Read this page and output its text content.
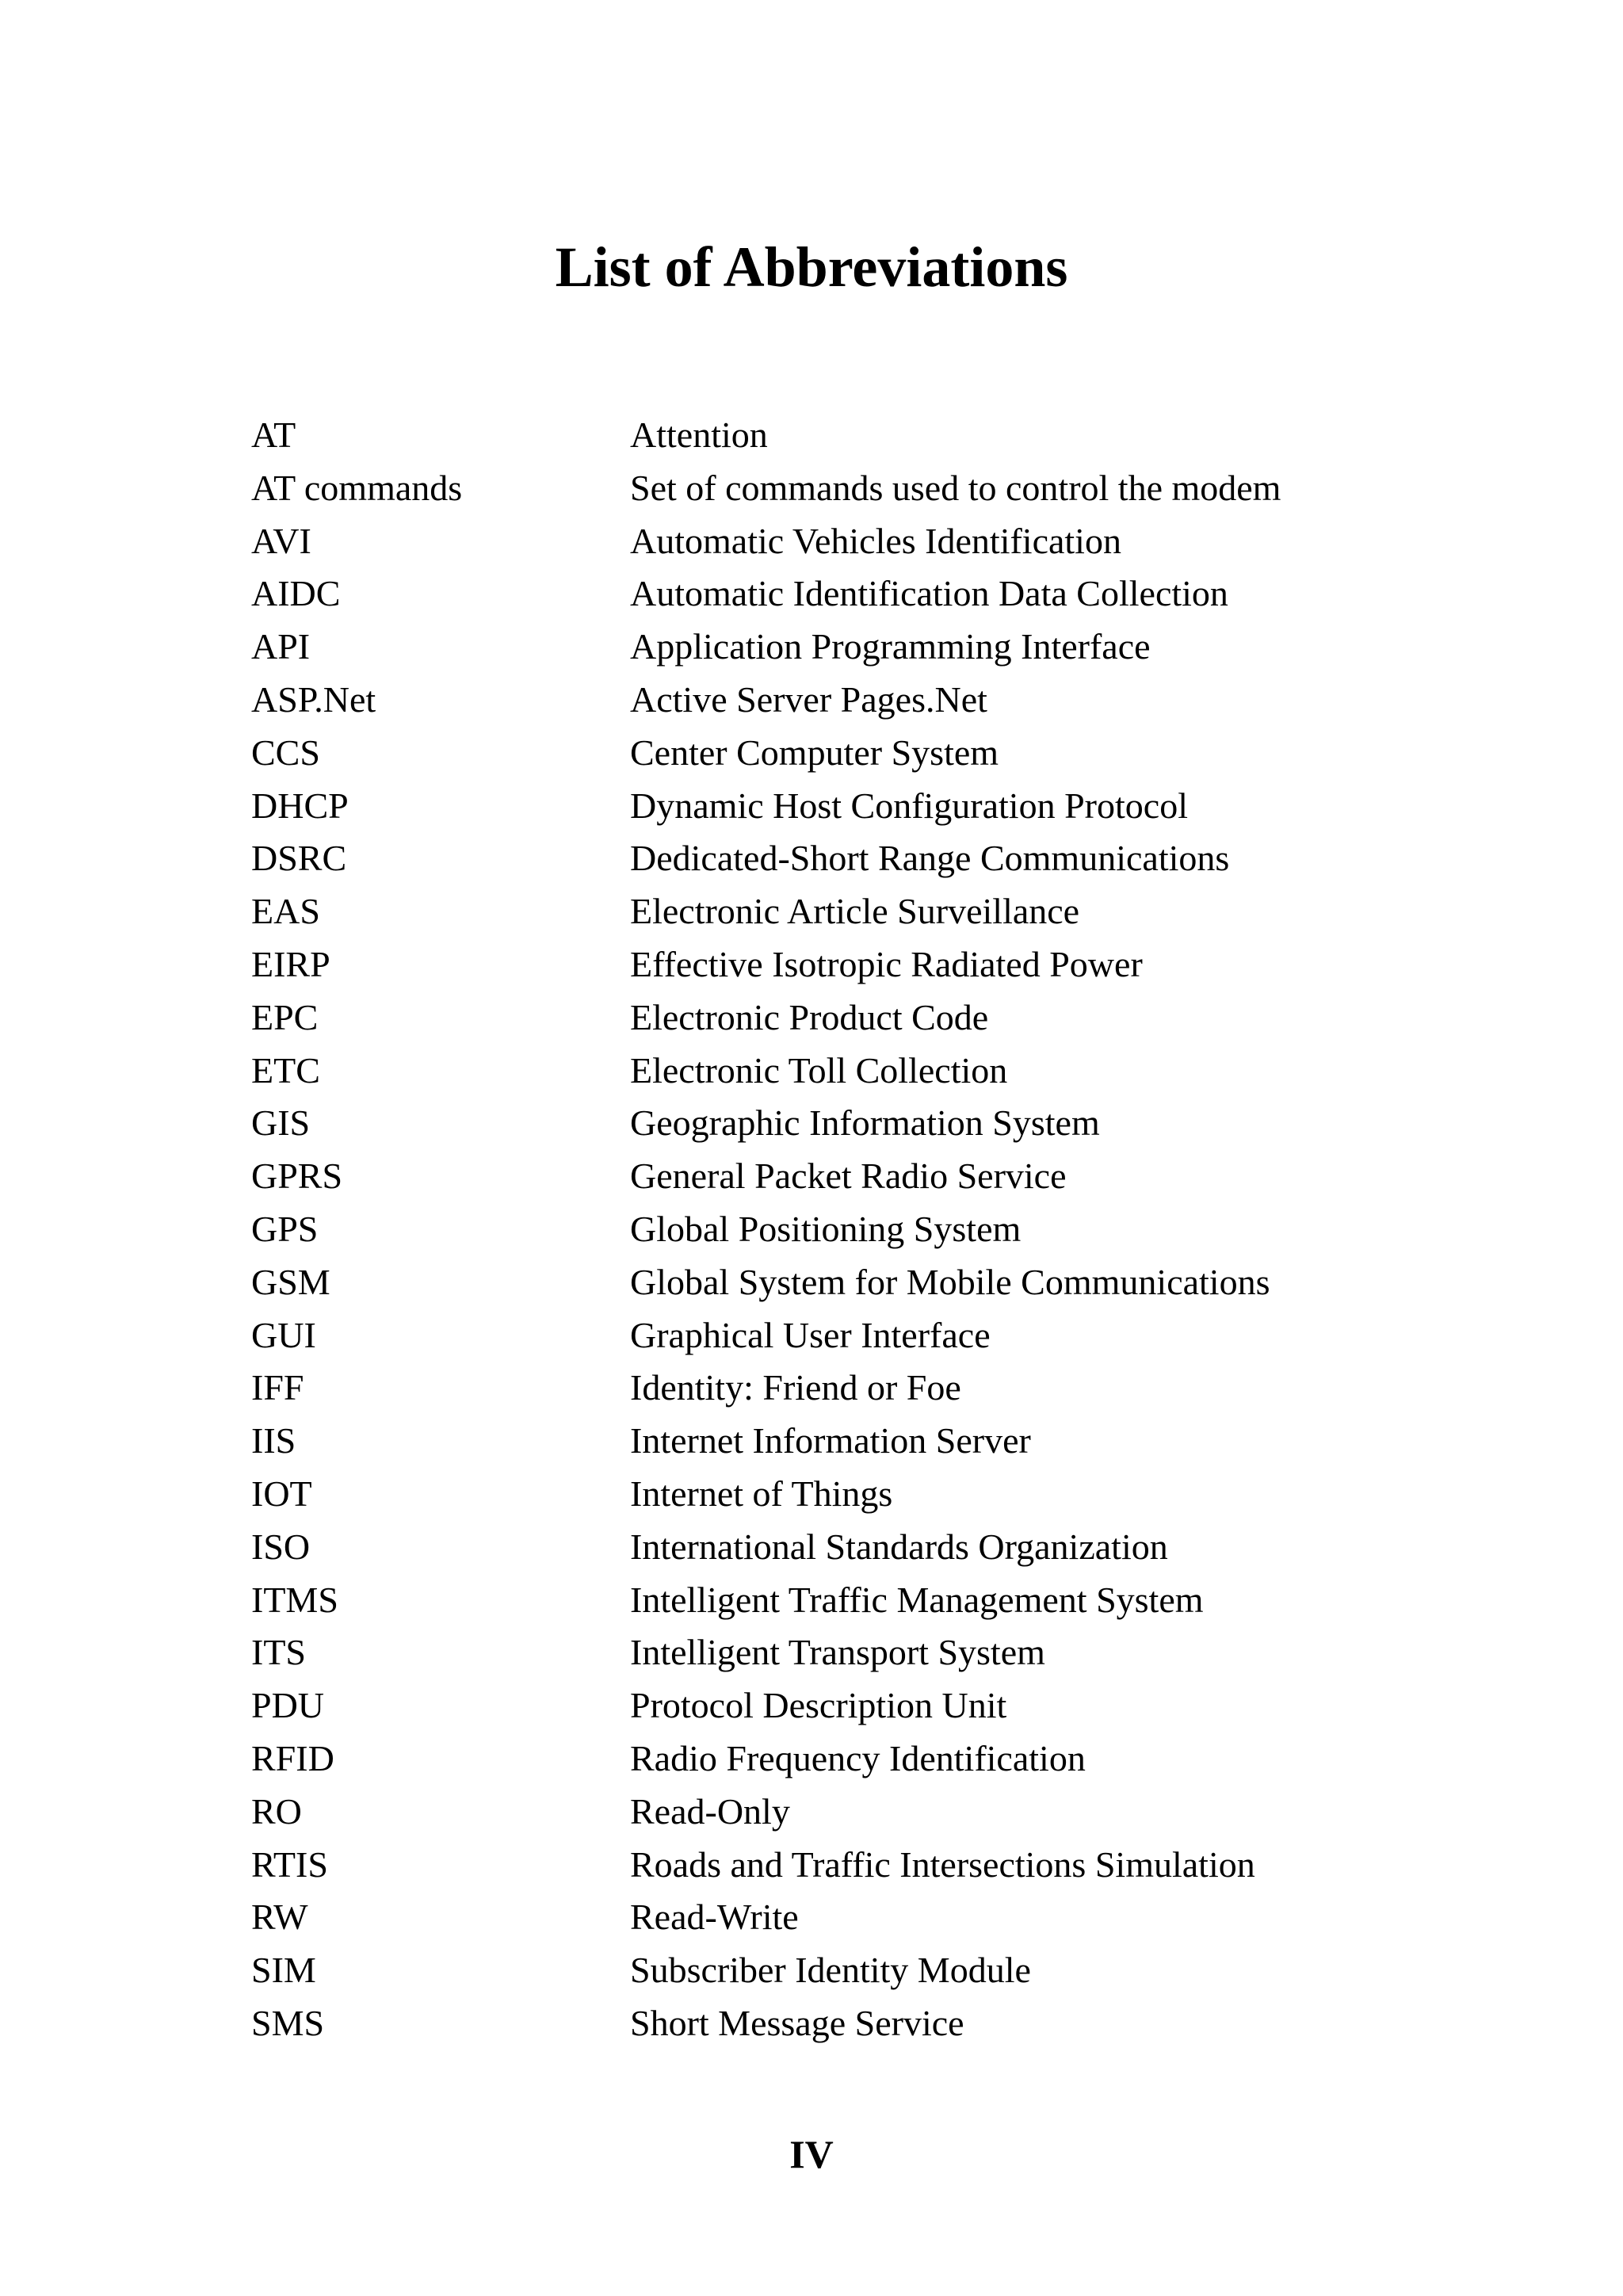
List of Abbreviations
AT	Attention
AT commands	Set of commands used to control the modem
AVI	Automatic Vehicles Identification
AIDC	Automatic Identification Data Collection
API	Application Programming Interface
ASP.Net	Active Server Pages.Net
CCS	Center Computer System
DHCP	Dynamic Host Configuration Protocol
DSRC	Dedicated-Short Range Communications
EAS	Electronic Article Surveillance
EIRP	Effective Isotropic Radiated Power
EPC	Electronic Product Code
ETC	Electronic Toll Collection
GIS	Geographic Information System
GPRS	General Packet Radio Service
GPS	Global Positioning System
GSM	Global System for Mobile Communications
GUI	Graphical User Interface
IFF	Identity: Friend or Foe
IIS	Internet Information Server
IOT	Internet of Things
ISO	International Standards Organization
ITMS	Intelligent Traffic Management System
ITS	Intelligent Transport System
PDU	Protocol Description Unit
RFID	Radio Frequency Identification
RO	Read-Only
RTIS	Roads and Traffic Intersections Simulation
RW	Read-Write
SIM	Subscriber Identity Module
SMS	Short Message Service
IV
